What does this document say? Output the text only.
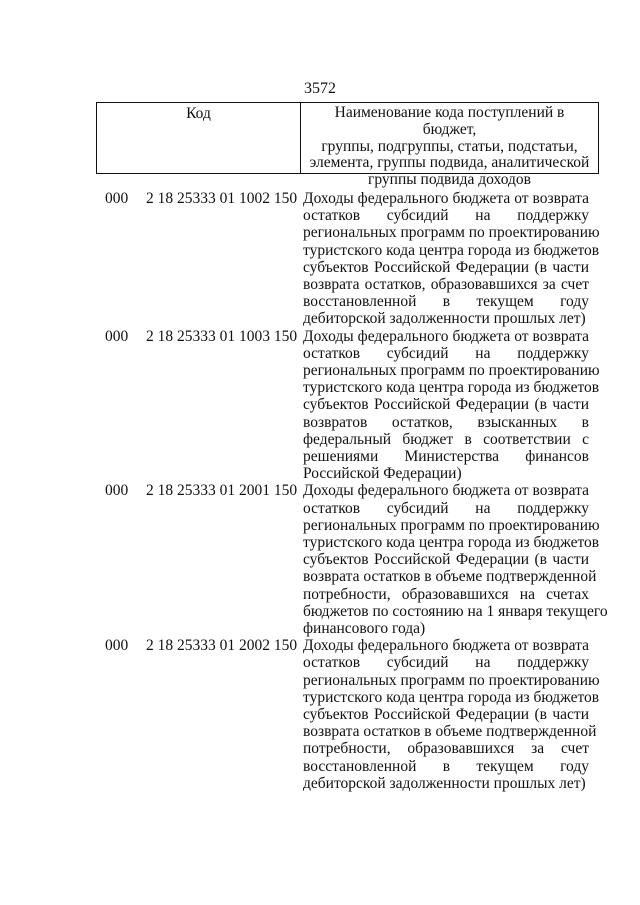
3572
Код	Наименование кода поступлений в бюджет,
группы, подгруппы, статьи, подстатьи,
элемента, группы подвида, аналитической
группы подвида доходов
000 2 18 25333 01 1002 150 Доходы федерального бюджета от возврата
остатков субсидий на поддержку
региональных программ по проектированию
туристского кода центра города из бюджетов
субъектов Российской Федерации (в части
возврата остатков, образовавшихся за счет
восстановленной в текущем году
дебиторской задолженности прошлых лет)
000 2 18 25333 01 1003 150 Доходы федерального бюджета от возврата
остатков субсидий на поддержку
региональных программ по проектированию
туристского кода центра города из бюджетов
субъектов Российской Федерации (в части
возвратов остатков, взысканных в
федеральный бюджет в соответствии с
решениями Министерства финансов
Российской Федерации)
000 2 18 25333 01 2001 150 Доходы федерального бюджета от возврата
остатков субсидий на поддержку
региональных программ по проектированию
туристского кода центра города из бюджетов
субъектов Российской Федерации (в части
возврата остатков в объеме подтвержденной
потребности, образовавшихся на счетах
бюджетов по состоянию на 1 января текущего
финансового года)
000 2 18 25333 01 2002 150 Доходы федерального бюджета от возврата
остатков субсидий на поддержку
региональных программ по проектированию
туристского кода центра города из бюджетов
субъектов Российской Федерации (в части
возврата остатков в объеме подтвержденной
потребности, образовавшихся за счет
восстановленной в текущем году
дебиторской задолженности прошлых лет)
